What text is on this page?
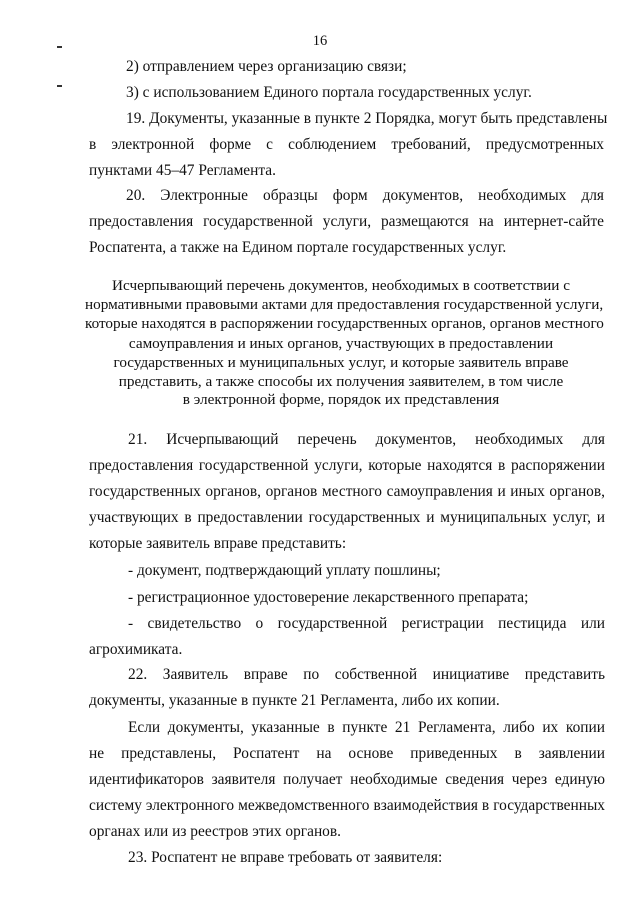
16
2) отправлением через организацию связи;
3) с использованием Единого портала государственных услуг.
19. Документы, указанные в пункте 2 Порядка, могут быть представлены
в электронной форме с соблюдением требований, предусмотренных
пунктами 45–47 Регламента.
20. Электронные образцы форм документов, необходимых для
предоставления государственной услуги, размещаются на интернет-сайте
Роспатента, а также на Едином портале государственных услуг.
Исчерпывающий перечень документов, необходимых в соответствии с
нормативными правовыми актами для предоставления государственной услуги,
которые находятся в распоряжении государственных органов, органов местного
самоуправления и иных органов, участвующих в предоставлении
государственных и муниципальных услуг, и которые заявитель вправе
представить, а также способы их получения заявителем, в том числе
в электронной форме, порядок их представления
21. Исчерпывающий перечень документов, необходимых для
предоставления государственной услуги, которые находятся в распоряжении
государственных органов, органов местного самоуправления и иных органов,
участвующих в предоставлении государственных и муниципальных услуг, и
которые заявитель вправе представить:
- документ, подтверждающий уплату пошлины;
- регистрационное удостоверение лекарственного препарата;
- свидетельство о государственной регистрации пестицида или
агрохимиката.
22. Заявитель вправе по собственной инициативе представить
документы, указанные в пункте 21 Регламента, либо их копии.
Если документы, указанные в пункте 21 Регламента, либо их копии
не представлены, Роспатент на основе приведенных в заявлении
идентификаторов заявителя получает необходимые сведения через единую
систему электронного межведомственного взаимодействия в государственных
органах или из реестров этих органов.
23. Роспатент не вправе требовать от заявителя:
